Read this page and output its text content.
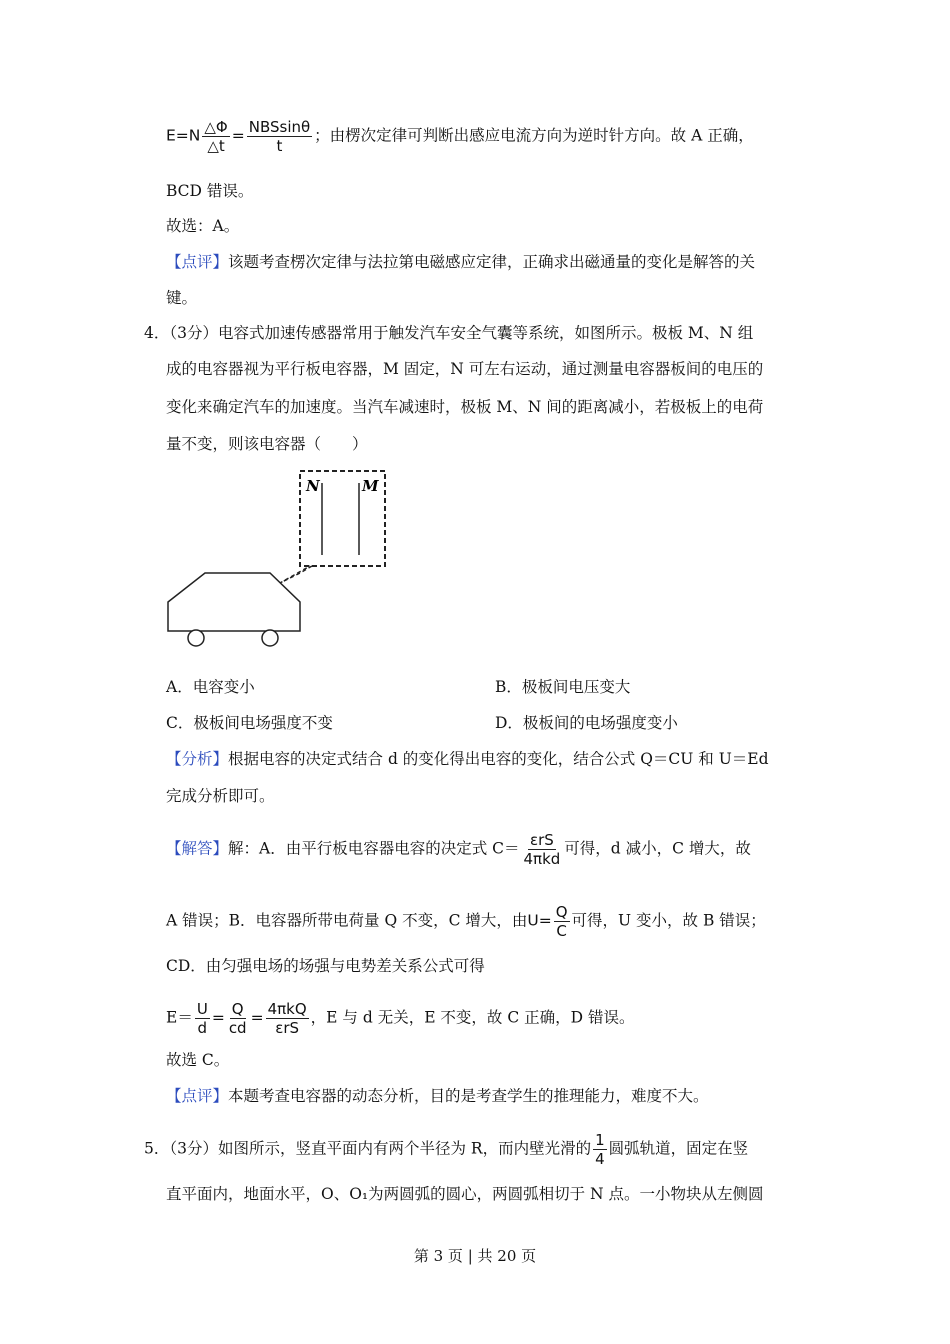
$E=N \frac{\triangle\Phi}{\triangle t} = \frac{\text{NBSsinθ}}{t}$ ；由楞次定律可判断出感应电流方向为逆时针方向。故 A 正确，
BCD 错误。
故选：A。
【点评】该题考查楞次定律与法拉第电磁感应定律，正确求出磁通量的变化是解答的关
键。
4．（3分）电容式加速传感器常用于触发汽车安全气囊等系统，如图所示。极板 M、N 组
成的电容器视为平行板电容器，M 固定，N 可左右运动，通过测量电容器板间的电压的
变化来确定汽车的加速度。当汽车减速时，极板 M、N 间的距离减小，若极板上的电荷
量不变，则该电容器（　　）
N	M
A．电容变小	B．极板间电压变大
C．极板间电场强度不变	D．极板间的电场强度变小
【分析】根据电容的决定式结合 d 的变化得出电容的变化，结合公式 Q＝CU 和 U＝Ed
完成分析即可。
【解答】解：A．由平行板电容器电容的决定式 $C= \frac{\text{εrS}}{\text{4πkd}}$ 可得，d 减小，C 增大，故
A 错误；B．电容器所带电荷量 Q 不变，C 增大，由$U= \frac{Q}{C}$ 可得，U 变小，故 B 错误；
CD．由匀强电场的场强与电势差关系公式可得
$E= \frac{U}{d} = \frac{Q}{cd} = \frac{\text{4πkQ}}{\text{εrS}}$ ，E 与 d 无关，E 不变，故 C 正确，D 错误。
故选 C。
【点评】本题考查电容器的动态分析，目的是考查学生的推理能力，难度不大。
5．（3分）如图所示，竖直平面内有两个半径为 R，而内壁光滑的 $\frac{1}{4}$ 圆弧轨道，固定在竖
直平面内，地面水平，O、O₁为两圆弧的圆心，两圆弧相切于 N 点。一小物块从左侧圆
第 3 页 | 共 20 页
